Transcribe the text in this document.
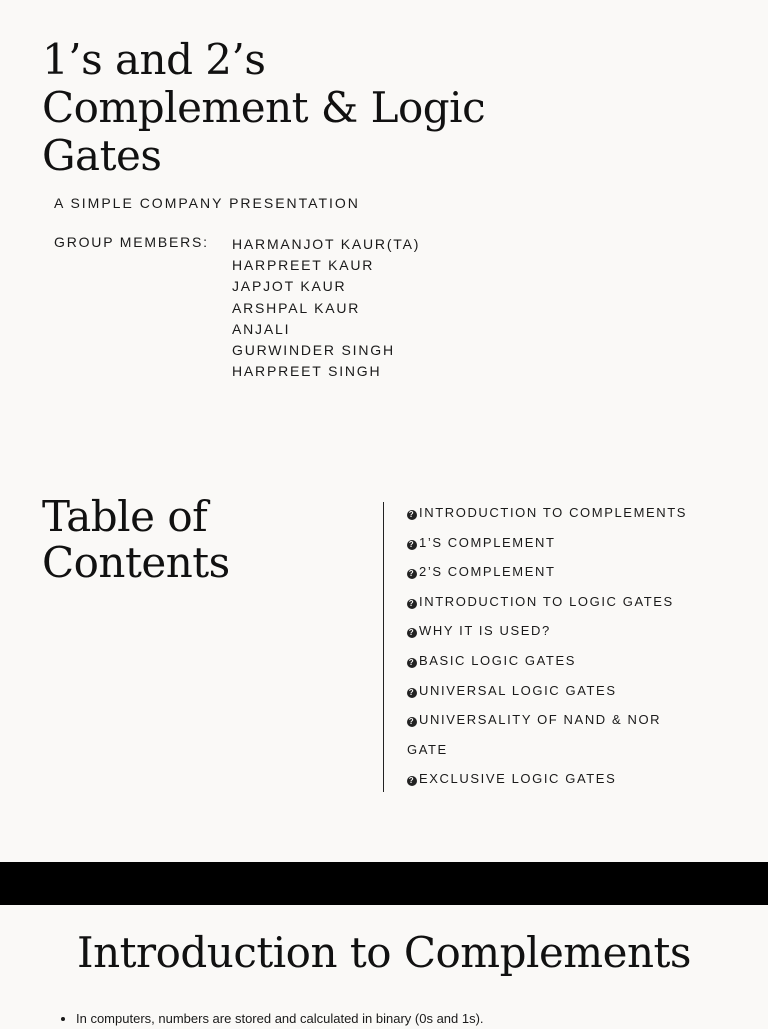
1’s and 2’s
Complement & Logic
Gates

A SIMPLE COMPANY PRESENTATION

GROUP MEMBERS: HARMANJOT KAUR(TA)
HARPREET KAUR
JAPJOT KAUR
ARSHPAL KAUR
ANJALI
GURWINDER SINGH
HARPREET SINGH
Table of
Contents
? INTRODUCTION TO COMPLEMENTS
? 1’S COMPLEMENT
? 2’S COMPLEMENT
? INTRODUCTION TO LOGIC GATES
? WHY IT IS USED?
? BASIC LOGIC GATES
? UNIVERSAL LOGIC GATES
? UNIVERSALITY OF NAND & NOR
GATE
? EXCLUSIVE LOGIC GATES
Introduction to Complements
• In computers, numbers are stored and calculated in binary (0s and 1s).
